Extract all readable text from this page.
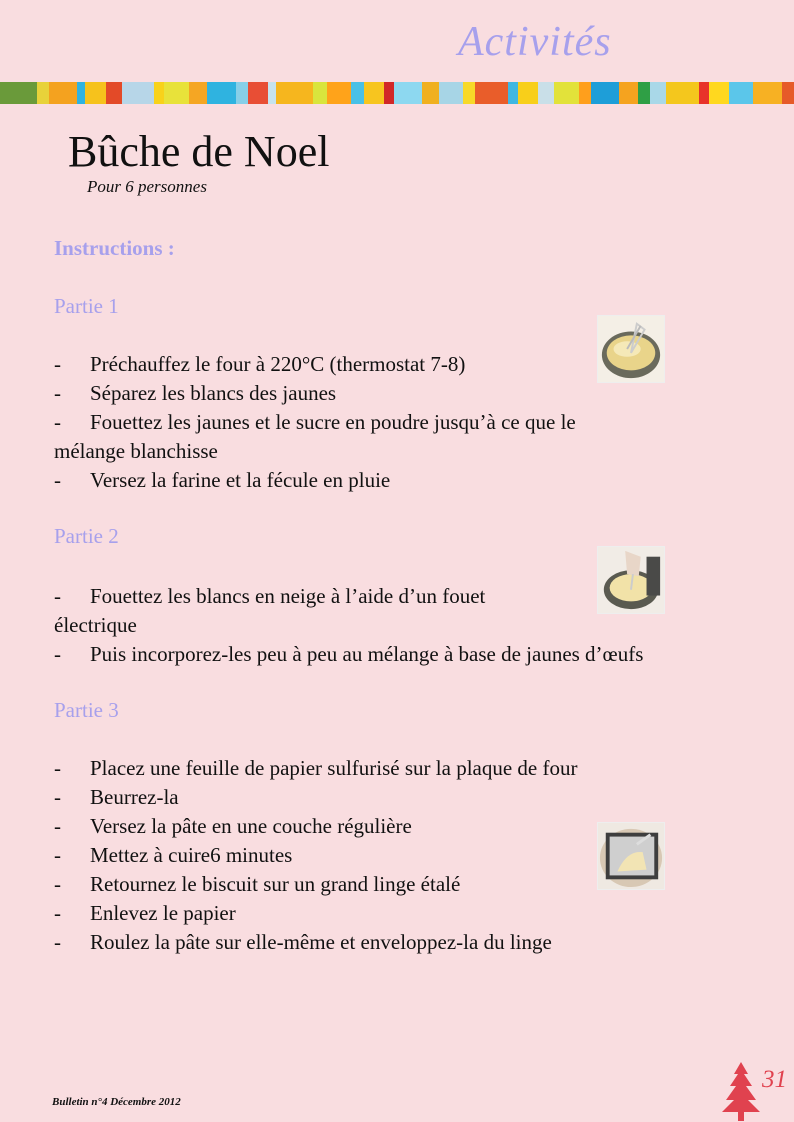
Activités
Bûche de Noel
Pour 6 personnes
Instructions :
Partie 1
- Préchauffez le four à 220°C (thermostat 7-8)
- Séparez les blancs des jaunes
- Fouettez les jaunes et le sucre en poudre jusqu’à ce que le
mélange blanchisse
- Versez la farine et la fécule en pluie
Partie 2
- Fouettez les blancs en neige à l’aide d’un fouet
électrique
- Puis incorporez-les peu à peu au mélange à base de jaunes d’œufs
Partie 3
- Placez une feuille de papier sulfurisé sur la plaque de four
- Beurrez-la
- Versez la pâte en une couche régulière
- Mettez à cuire6 minutes
- Retournez le biscuit sur un grand linge étalé
- Enlevez le papier
- Roulez la pâte sur elle-même et enveloppez-la du linge
Bulletin n°4 Décembre 2012
31
